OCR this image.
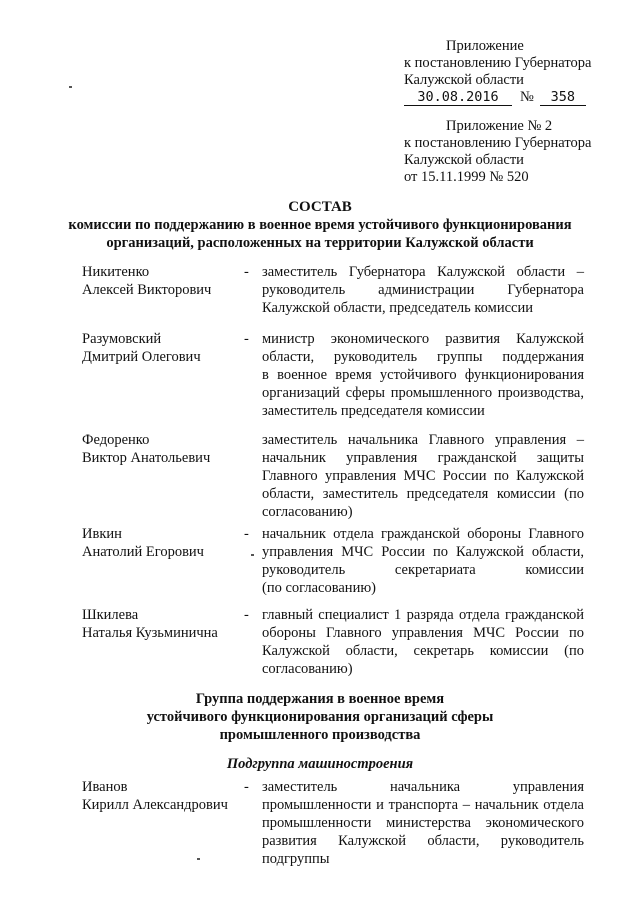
Приложение
к постановлению Губернатора
Калужской области
30.08.2016	№	358
Приложение № 2
к постановлению Губернатора
Калужской области
от 15.11.1999 № 520
СОСТАВ
комиссии по поддержанию в военное время устойчивого функционирования
организаций, расположенных на территории Калужской области
Никитенко
Алексей Викторович
- заместитель Губернатора Калужской области –
руководитель администрации Губернатора
Калужской области, председатель комиссии
Разумовский
Дмитрий Олегович
- министр экономического развития Калужской
области, руководитель группы поддержания
в военное время устойчивого функционирования
организаций сферы промышленного производства,
заместитель председателя комиссии
Федоренко
Виктор Анатольевич
заместитель начальника Главного управления –
начальник управления гражданской защиты
Главного управления МЧС России по Калужской
области, заместитель председателя комиссии (по
согласованию)
Ивкин
Анатолий Егорович
- начальник отдела гражданской обороны Главного
управления МЧС России по Калужской области,
руководитель секретариата комиссии
(по согласованию)
Шкилева
Наталья Кузьминична
- главный специалист 1 разряда отдела гражданской
обороны Главного управления МЧС России по
Калужской области, секретарь комиссии (по
согласованию)
Группа поддержания в военное время
устойчивого функционирования организаций сферы
промышленного производства
Подгруппа машиностроения
Иванов
Кирилл Александрович
- заместитель начальника управления
промышленности и транспорта – начальник отдела
промышленности министерства экономического
развития Калужской области, руководитель
подгруппы
